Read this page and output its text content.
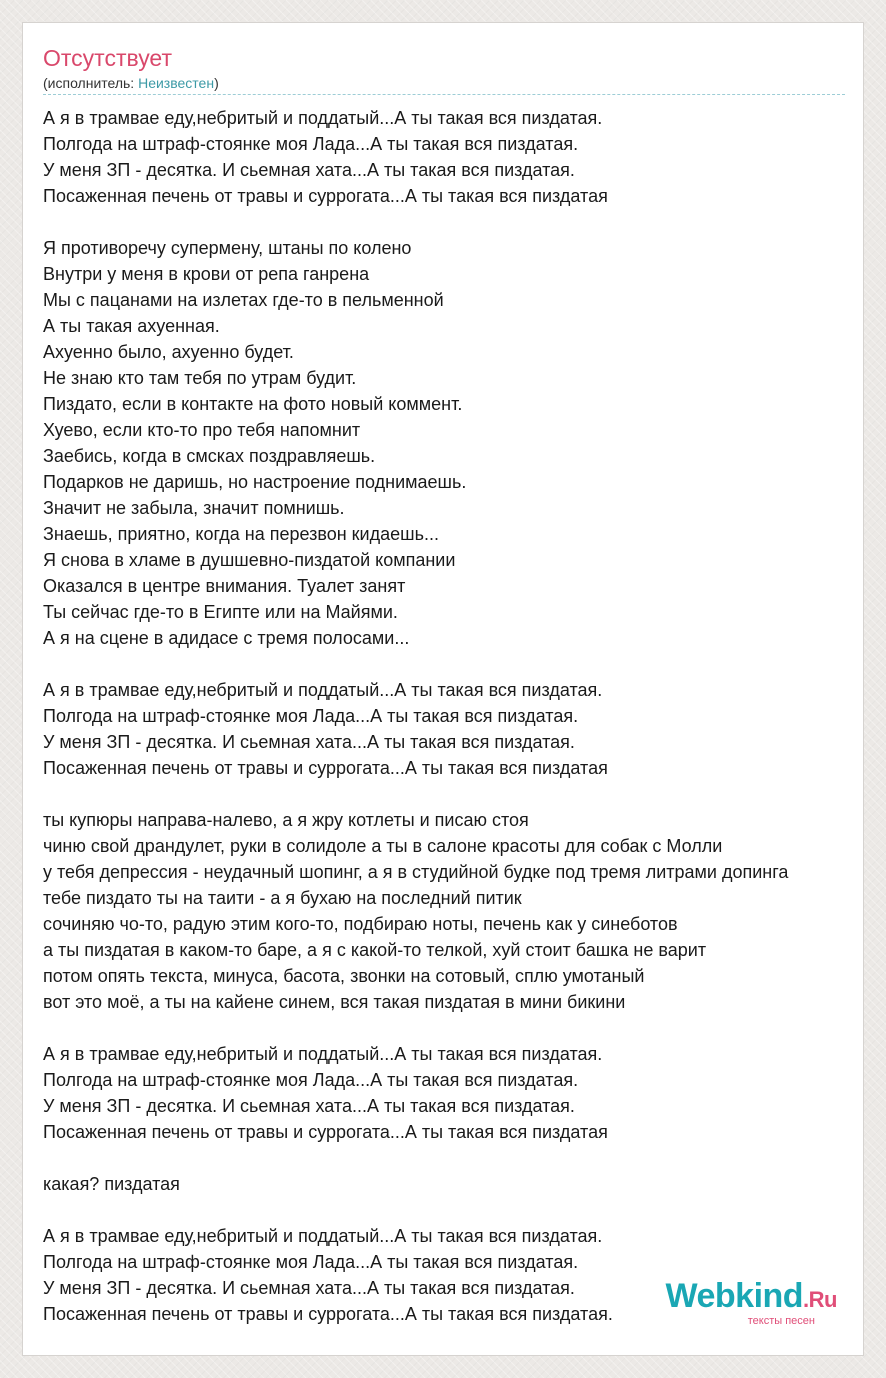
Отсутствует
(исполнитель: Неизвестен)
А я в трамвае еду,небритый и поддатый...А ты такая вся пиздатая.
Полгода на штраф-стоянке моя Лада...А ты такая вся пиздатая.
У меня ЗП - десятка. И сьемная хата...А ты такая вся пиздатая.
Посаженная печень от травы и суррогата...А ты такая вся пиздатая
Я противоречу супермену, штаны по колено
Внутри у меня в крови от репа ганрена
Мы с пацанами на излетах где-то в пельменной
А ты такая ахуенная.
Ахуенно было, ахуенно будет.
Не знаю кто там тебя по утрам будит.
Пиздато, если в контакте на фото новый коммент.
Хуево, если кто-то про тебя напомнит
Заебись, когда в смсках поздравляешь.
Подарков не даришь, но настроение поднимаешь.
Значит не забыла, значит помнишь.
Знаешь, приятно, когда на перезвон кидаешь...
Я снова в хламе в душшевно-пиздатой компании
Оказался в центре внимания. Туалет занят
Ты сейчас где-то в Египте или на Майями.
А я на сцене в адидасе с тремя полосами...
А я в трамвае еду,небритый и поддатый...А ты такая вся пиздатая.
Полгода на штраф-стоянке моя Лада...А ты такая вся пиздатая.
У меня ЗП - десятка. И сьемная хата...А ты такая вся пиздатая.
Посаженная печень от травы и суррогата...А ты такая вся пиздатая
ты купюры направа-налево, а я жру котлеты и писаю стоя
чиню свой драндулет, руки в солидоле а ты в салоне красоты для собак с Молли
у тебя депрессия - неудачный шопинг, а я в студийной будке под тремя литрами допинга
тебе пиздато ты на таити - а я бухаю на последний питик
сочиняю чо-то, радую этим кого-то, подбираю ноты, печень как у синеботов
а ты пиздатая в каком-то баре, а я с какой-то телкой, хуй стоит башка не варит
потом опять текста, минуса, басота, звонки на сотовый, сплю умотаный
вот это моё, а ты на кайене синем, вся такая пиздатая в мини бикини
А я в трамвае еду,небритый и поддатый...А ты такая вся пиздатая.
Полгода на штраф-стоянке моя Лада...А ты такая вся пиздатая.
У меня ЗП - десятка. И сьемная хата...А ты такая вся пиздатая.
Посаженная печень от травы и суррогата...А ты такая вся пиздатая
какая? пиздатая
А я в трамвае еду,небритый и поддатый...А ты такая вся пиздатая.
Полгода на штраф-стоянке моя Лада...А ты такая вся пиздатая.
У меня ЗП - десятка. И сьемная хата...А ты такая вся пиздатая.
Посаженная печень от травы и суррогата...А ты такая вся пиздатая.	Webkind.Ru
тексты песен
